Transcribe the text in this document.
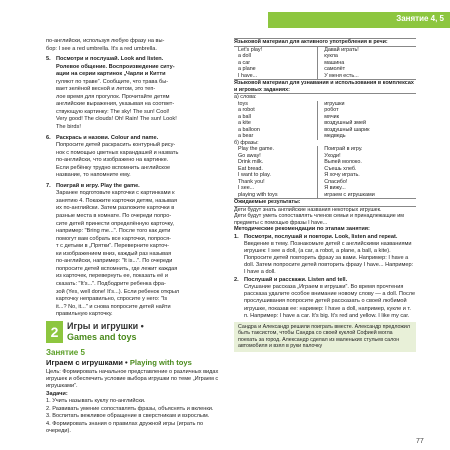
Занятие 4, 5

по-английски, используя любую фразу на вы-

бор: I see a red umbrella. It's a red umbrella.

5. Посмотри и послушай. Look and listen.

Ролевое общение. Воспроизведение ситу-

ации на серии картинок „Чарли и Китти

гуляют по траве“. Сообщите, что трава бы-

вает зелёной весной и летом, это теп-

лое время для прогулок. Прочитайте детям

английские выражения, указывая на соответ-

ствующую картинку: The sky! The sun! Cool!

Very good! The clouds! Oh! Rain! The sun! Look!

The birds!

6. Раскрась и назови. Colour and name.

Попросите детей раскрасить контурный рису-

нок с помощью цветных карандашей и назвать

по-английски, что изображено на картинке.

Если ребёнку трудно вспомнить английское

название, то напомните ему.

7. Поиграй в игру. Play the game.

Заранее подготовьте карточки с картинками к

занятию 4. Покажите карточки детям, называя

их по-английски. Затем разложите карточки в

разные места в комнате. По очереди попро-

сите детей принести определённую карточку,

например: "Bring me...". После того как дети

помогут вам собрать все карточки, попрося-

т с детьми в „Прятки“. Переверните карточ-

ки изображением вниз, каждый раз называя

по-английски, например: "It is...". По очереди

попросите детей вспомнить, где лежит каждая

из карточек, перевернуть ее, показать её и

сказать: "It's...". Подбодрите ребенка фра-

зой (Yes, well done! It's...). Если ребенок открыл

карточку неправильно, спросите у него: "Is

it...? No, it..." и снова попросите детей найти

правильную карточку.

2 Игры и игрушки •
Games and toys
Занятие 5
Играем с игрушками • Playing with toys

Цель: Формировать начальное представление о различных видах игрушек и обеспечить условие выбора игрушки по теме „Играем с игрушками“.

Задачи:

1. Учить называть куклу по-английски.

2. Развивать умение сопоставлять фразы, объяснять и вкленки.

3. Воспитать вежливое обращение в сверстникам и взрослым.

4. Формировать знания о правилах дружной игры (играть по очереди).

Языковой материал для активного употребления в речи:	
Let's play!	Давай играть!
a doll	кукла
a car	машина
a plane	самолёт
I have...	У меня есть...
Языковой материал для узнавания и использования в комплексах и игровых заданиях:	
а) слова:	
toys	игрушки
a robot	робот
a ball	мячик
a kite	воздушный змей
a balloon	воздушный шарик
a bear	медведь
б) фразы:	
Play the game.	Поиграй в игру.
Go away!	Уходи!
Drink milk.	Выпей молоко.
Eat bread.	Съешь хлеб.
I want to play.	Я хочу играть.
Thank you!	Спасибо!
I see...	Я вижу...
playing with toys	играем с игрушками
Ожидаемые результаты:	
Дети будут знать английские названия некоторых игрушек.	
Дети будут уметь сопоставлять членов семьи и принадлежащие им предметы с помощью фразы I have...	

Методические рекомендации по этапам занятия:

1. Посмотри, послушай и повтори. Look, listen and repeat.

Введение в тему. Познакомьте детей с английскими названиями игрушек: I see a doll, (a car, a robot, a plane, a ball, a kite). Попросите детей повторить фразу за вами. Например: I have a doll. Затем попросите детей повторить фразу I have... Например: I have a doll.

2. Послушай и расскажи. Listen and tell.

Слушание рассказа „Играем в игрушки“. Во время прочтения рассказа удалите особое внимание новому слову — a doll. После прослушивания попросите детей рассказать о своей любимой игрушке, показав ее: наример: I have a doll, например, кукле и т. п. Например: I have a car. It's big. It's red and yellow. I like my car.

Сандра и Александр решили поиграть вместе. Александр предложил быть таксистом, чтобы Сандра со своей куклой Софией могла поехать за город. Александр сделал из маленьких стульев салон автомобиля и взял в руки палочку
77
